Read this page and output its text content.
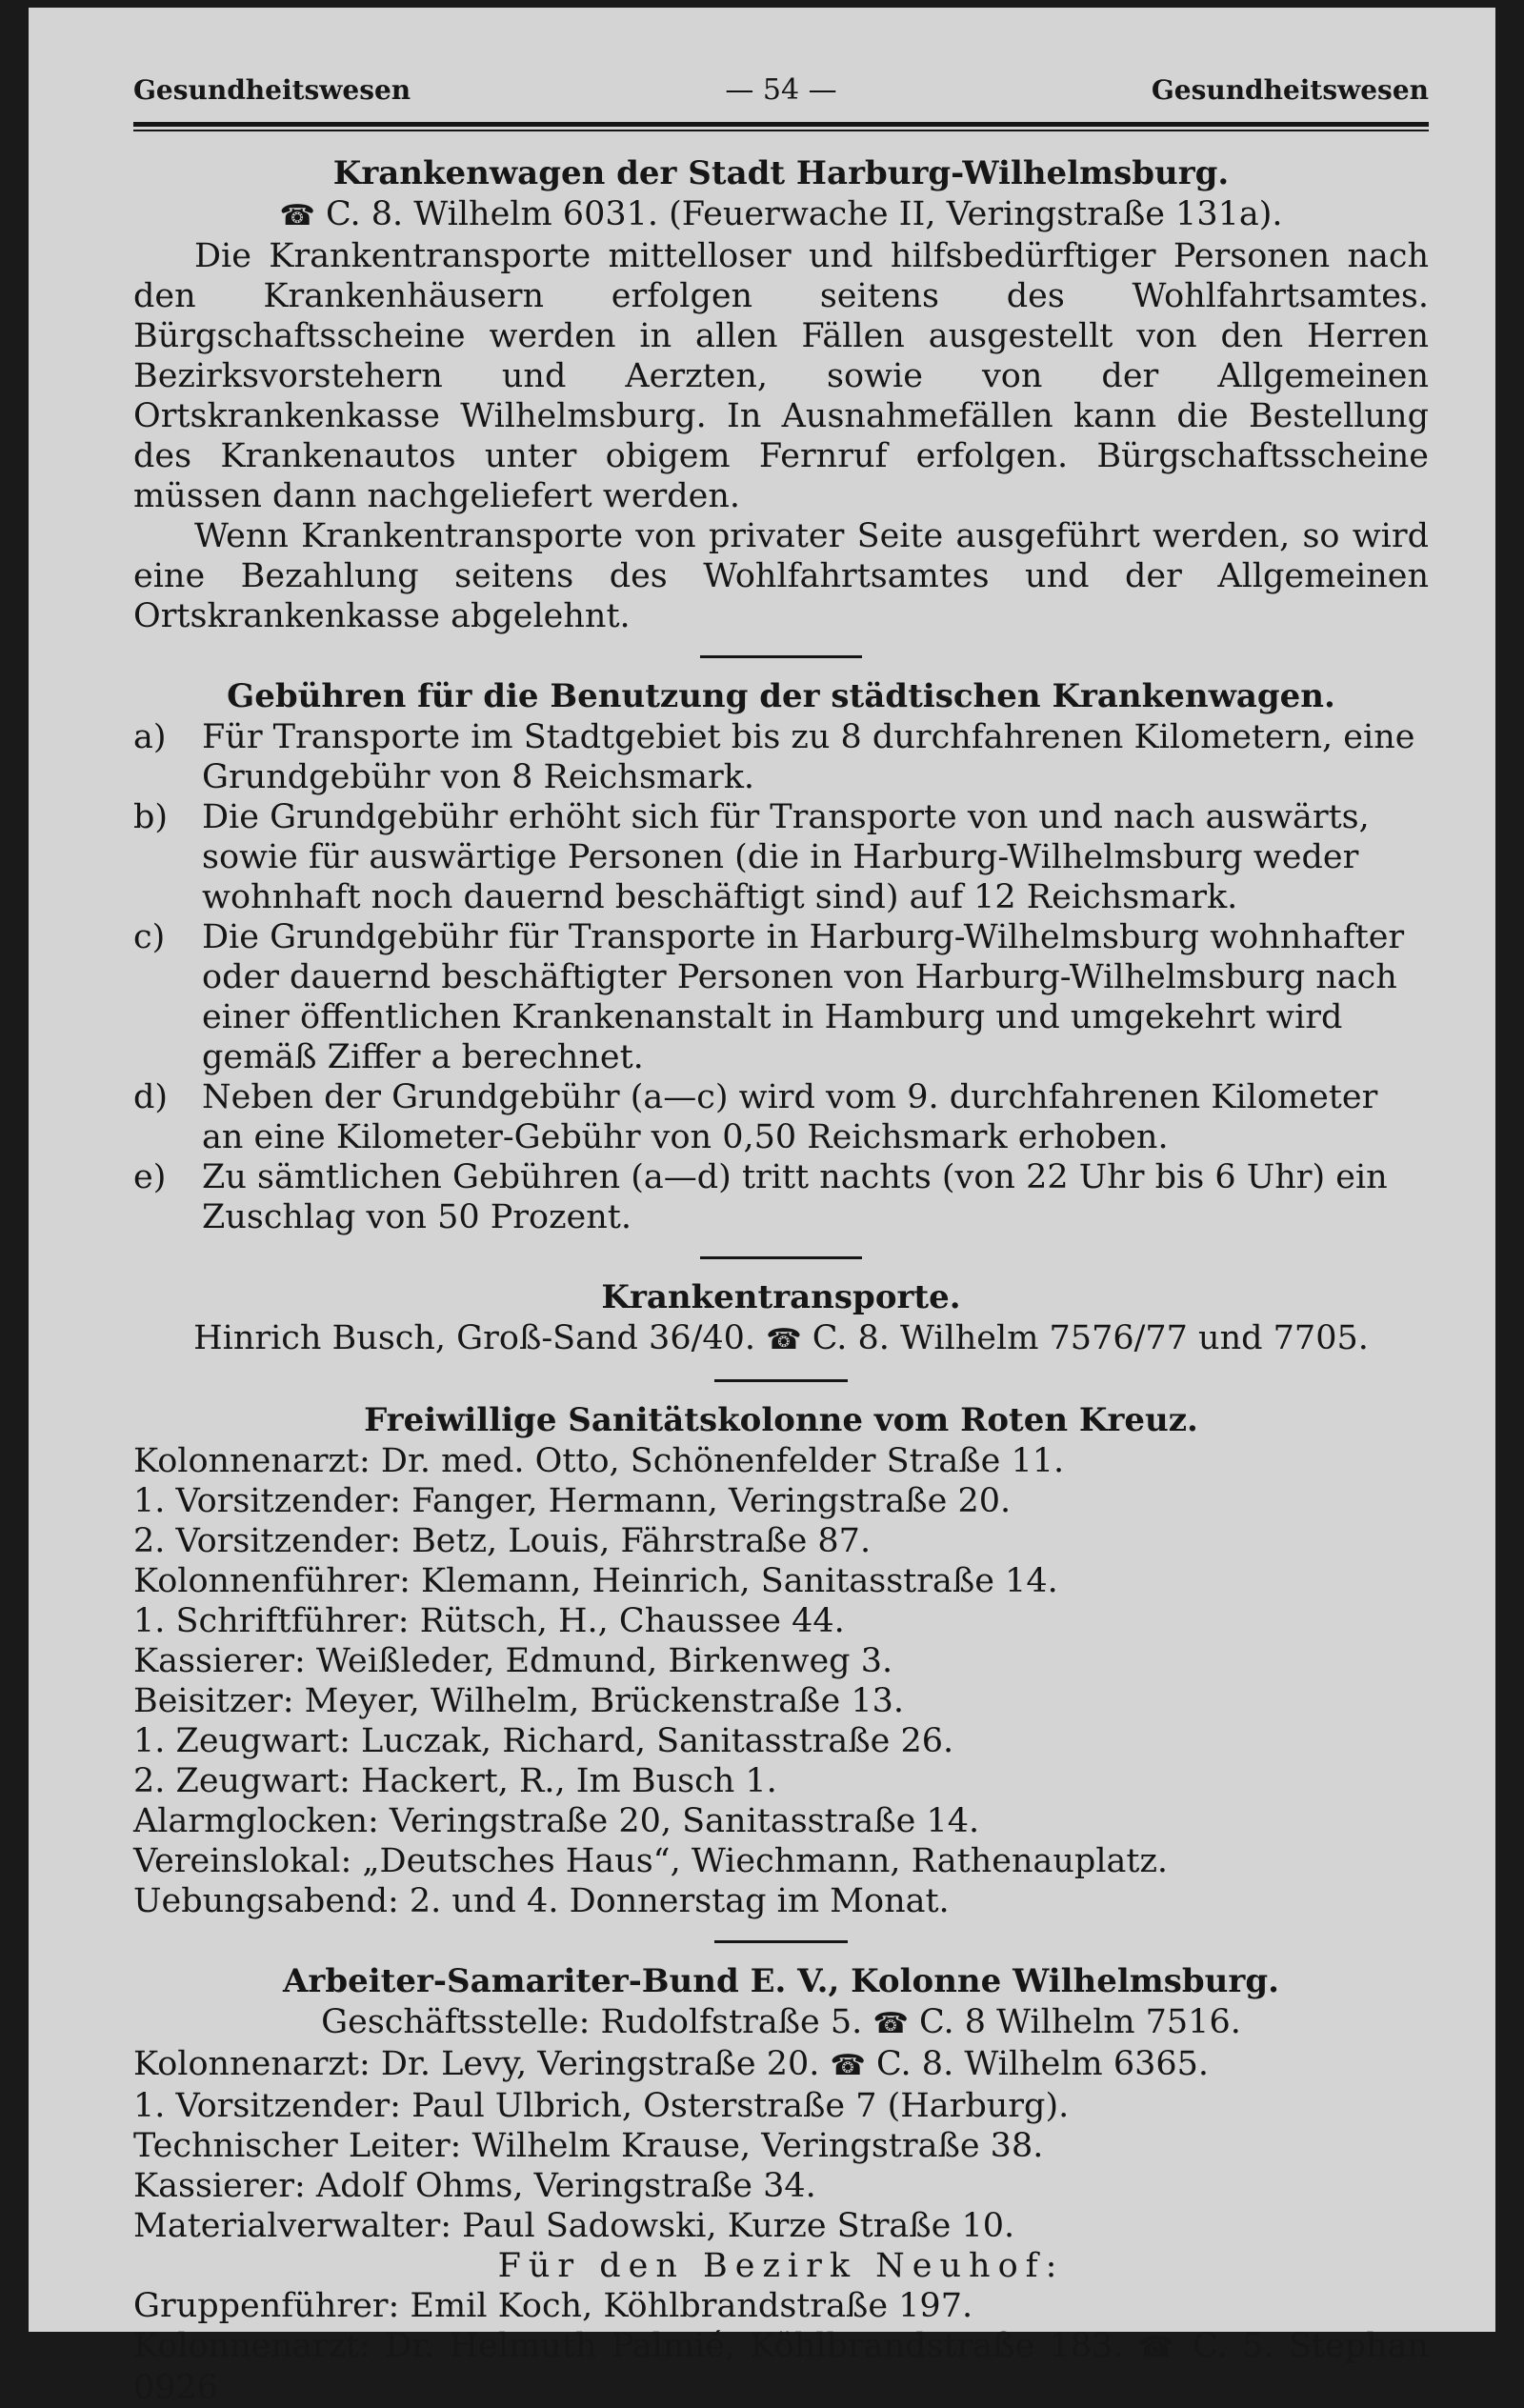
Gesundheitswesen	— 54 —	Gesundheitswesen
Krankenwagen der Stadt Harburg-Wilhelmsburg.

☎ C. 8. Wilhelm 6031. (Feuerwache II, Veringstraße 131a).

Die Krankentransporte mittelloser und hilfsbedürftiger Personen nach den Krankenhäusern erfolgen seitens des Wohlfahrtsamtes. Bürgschaftsscheine werden in allen Fällen ausgestellt von den Herren Bezirksvorstehern und Aerzten, sowie von der Allgemeinen Ortskrankenkasse Wilhelmsburg. In Ausnahmefällen kann die Bestellung des Krankenautos unter obigem Fernruf erfolgen. Bürgschaftsscheine müssen dann nachgeliefert werden.

Wenn Krankentransporte von privater Seite ausgeführt werden, so wird eine Bezahlung seitens des Wohlfahrtsamtes und der Allgemeinen Ortskrankenkasse abgelehnt.

Gebühren für die Benutzung der städtischen Krankenwagen.
a) Für Transporte im Stadtgebiet bis zu 8 durchfahrenen Kilometern, eine Grundgebühr von 8 Reichsmark.
b) Die Grundgebühr erhöht sich für Transporte von und nach auswärts, sowie für auswärtige Personen (die in Harburg-Wilhelmsburg weder wohnhaft noch dauernd beschäftigt sind) auf 12 Reichsmark.
c) Die Grundgebühr für Transporte in Harburg-Wilhelmsburg wohnhafter oder dauernd beschäftigter Personen von Harburg-Wilhelmsburg nach einer öffentlichen Krankenanstalt in Hamburg und umgekehrt wird gemäß Ziffer a berechnet.
d) Neben der Grundgebühr (a—c) wird vom 9. durchfahrenen Kilometer an eine Kilometer-Gebühr von 0,50 Reichsmark erhoben.
e) Zu sämtlichen Gebühren (a—d) tritt nachts (von 22 Uhr bis 6 Uhr) ein Zuschlag von 50 Prozent.
Krankentransporte.

Hinrich Busch, Groß-Sand 36/40. ☎ C. 8. Wilhelm 7576/77 und 7705.

Freiwillige Sanitätskolonne vom Roten Kreuz.
Kolonnenarzt: Dr. med. Otto, Schönenfelder Straße 11.
1. Vorsitzender: Fanger, Hermann, Veringstraße 20.
2. Vorsitzender: Betz, Louis, Fährstraße 87.
Kolonnenführer: Klemann, Heinrich, Sanitasstraße 14.
1. Schriftführer: Rütsch, H., Chaussee 44.
Kassierer: Weißleder, Edmund, Birkenweg 3.
Beisitzer: Meyer, Wilhelm, Brückenstraße 13.
1. Zeugwart: Luczak, Richard, Sanitasstraße 26.
2. Zeugwart: Hackert, R., Im Busch 1.
Alarmglocken: Veringstraße 20, Sanitasstraße 14.
Vereinslokal: „Deutsches Haus“, Wiechmann, Rathenauplatz.
Uebungsabend: 2. und 4. Donnerstag im Monat.
Arbeiter-Samariter-Bund E. V., Kolonne Wilhelmsburg.

Geschäftsstelle: Rudolfstraße 5. ☎ C. 8 Wilhelm 7516.

Kolonnenarzt: Dr. Levy, Veringstraße 20. ☎ C. 8. Wilhelm 6365.

1. Vorsitzender: Paul Ulbrich, Osterstraße 7 (Harburg).
Technischer Leiter: Wilhelm Krause, Veringstraße 38.
Kassierer: Adolf Ohms, Veringstraße 34.
Materialverwalter: Paul Sadowski, Kurze Straße 10.

Für den Bezirk Neuhof:

Gruppenführer: Emil Koch, Köhlbrandstraße 197.

Kolonnenarzt: Dr. Helmuth Palmié, Köhlbrandstraße 183. ☎ C. 5. Stephan 0926
